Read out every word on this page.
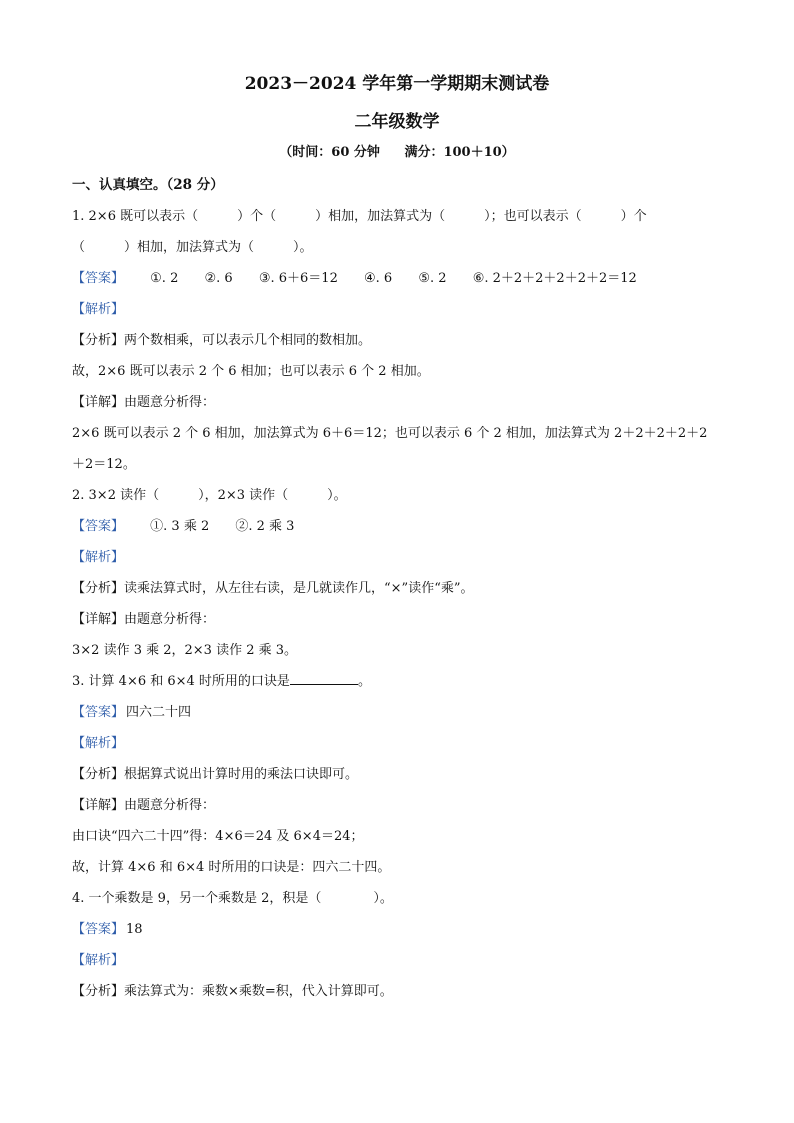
2023－2024 学年第一学期期末测试卷
二年级数学
（时间：60 分钟 满分：100＋10）
一、认真填空。（28 分）
1. 2×6 既可以表示（　　　）个（　　　）相加，加法算式为（　　　）；也可以表示（　　　）个
（　　　）相加，加法算式为（　　　）。
【答案】 ①. 2 ②. 6 ③. 6＋6＝12 ④. 6 ⑤. 2 ⑥. 2＋2＋2＋2＋2＋2＝12
【解析】
【分析】两个数相乘，可以表示几个相同的数相加。
故，2×6 既可以表示 2 个 6 相加；也可以表示 6 个 2 相加。
【详解】由题意分析得：
2×6 既可以表示 2 个 6 相加，加法算式为 6＋6＝12；也可以表示 6 个 2 相加，加法算式为 2＋2＋2＋2＋2
＋2＝12。
2. 3×2 读作（　　　），2×3 读作（　　　）。
【答案】 ①. 3 乘 2 ②. 2 乘 3
【解析】
【分析】读乘法算式时，从左往右读，是几就读作几，“×”读作“乘”。
【详解】由题意分析得：
3×2 读作 3 乘 2，2×3 读作 2 乘 3。
3. 计算 4×6 和 6×4 时所用的口诀是	。
【答案】 四六二十四
【解析】
【分析】根据算式说出计算时用的乘法口诀即可。
【详解】由题意分析得：
由口诀“四六二十四”得：4×6＝24 及 6×4＝24；
故，计算 4×6 和 6×4 时所用的口诀是：四六二十四。
4. 一个乘数是 9，另一个乘数是 2，积是（　　　　）。
【答案】 18
【解析】
【分析】乘法算式为：乘数×乘数=积，代入计算即可。
